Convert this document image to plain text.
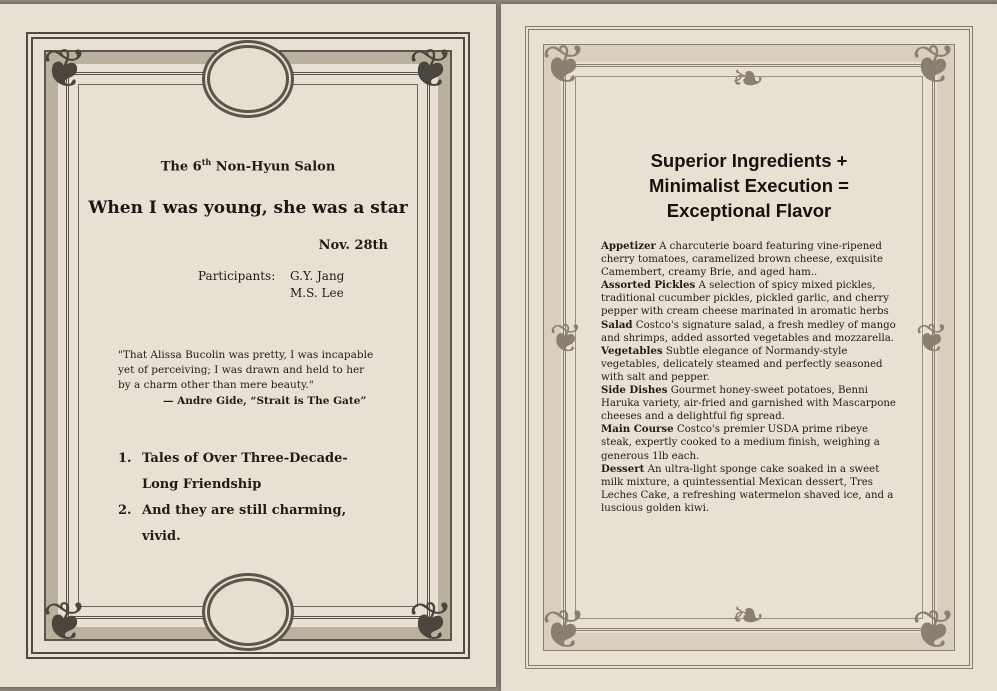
❦	❦
❦	❦
The 6th Non-Hyun Salon
When I was young, she was a star
Nov. 28th
Participants: G.Y. Jang
M.S. Lee
"That Alissa Bucolin was pretty, I was incapable yet of perceiving; I was drawn and held to her by a charm other than mere beauty."
— Andre Gide, “Strait is The Gate”
1. Tales of Over Three-Decade-Long Friendship
2. And they are still charming, vivid.
❦	❦
❦	❦
❧
❧
❦	❦
Superior Ingredients +
Minimalist Execution =
Exceptional Flavor

Appetizer A charcuterie board featuring vine-ripened cherry tomatoes, caramelized brown cheese, exquisite Camembert, creamy Brie, and aged ham..

Assorted Pickles A selection of spicy mixed pickles, traditional cucumber pickles, pickled garlic, and cherry pepper with cream cheese marinated in aromatic herbs

Salad Costco's signature salad, a fresh medley of mango and shrimps, added assorted vegetables and mozzarella.

Vegetables Subtle elegance of Normandy-style vegetables, delicately steamed and perfectly seasoned with salt and pepper.

Side Dishes Gourmet honey-sweet potatoes, Benni Haruka variety, air-fried and garnished with Mascarpone cheeses and a delightful fig spread.

Main Course Costco's premier USDA prime ribeye steak, expertly cooked to a medium finish, weighing a generous 1lb each.

Dessert An ultra-light sponge cake soaked in a sweet milk mixture, a quintessential Mexican dessert, Tres Leches Cake, a refreshing watermelon shaved ice, and a luscious golden kiwi.
